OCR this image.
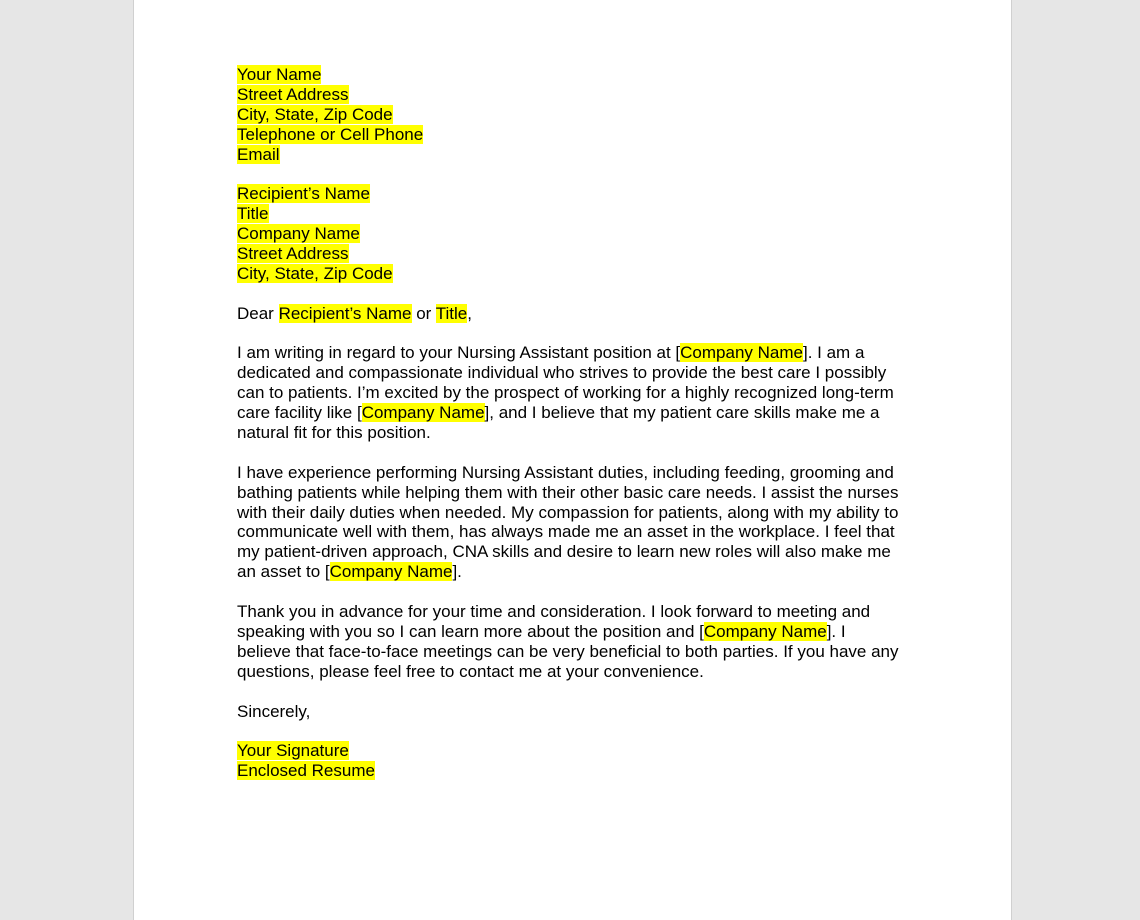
Your Name
Street Address
City, State, Zip Code
Telephone or Cell Phone
Email
Recipient’s Name
Title
Company Name
Street Address
City, State, Zip Code
Dear Recipient’s Name or Title,
I am writing in regard to your Nursing Assistant position at [Company Name]. I am a
dedicated and compassionate individual who strives to provide the best care I possibly
can to patients. I’m excited by the prospect of working for a highly recognized long-term
care facility like [Company Name], and I believe that my patient care skills make me a
natural fit for this position.
I have experience performing Nursing Assistant duties, including feeding, grooming and
bathing patients while helping them with their other basic care needs. I assist the nurses
with their daily duties when needed. My compassion for patients, along with my ability to
communicate well with them, has always made me an asset in the workplace. I feel that
my patient-driven approach, CNA skills and desire to learn new roles will also make me
an asset to [Company Name].
Thank you in advance for your time and consideration. I look forward to meeting and
speaking with you so I can learn more about the position and [Company Name]. I
believe that face-to-face meetings can be very beneficial to both parties. If you have any
questions, please feel free to contact me at your convenience.
Sincerely,
Your Signature
Enclosed Resume
